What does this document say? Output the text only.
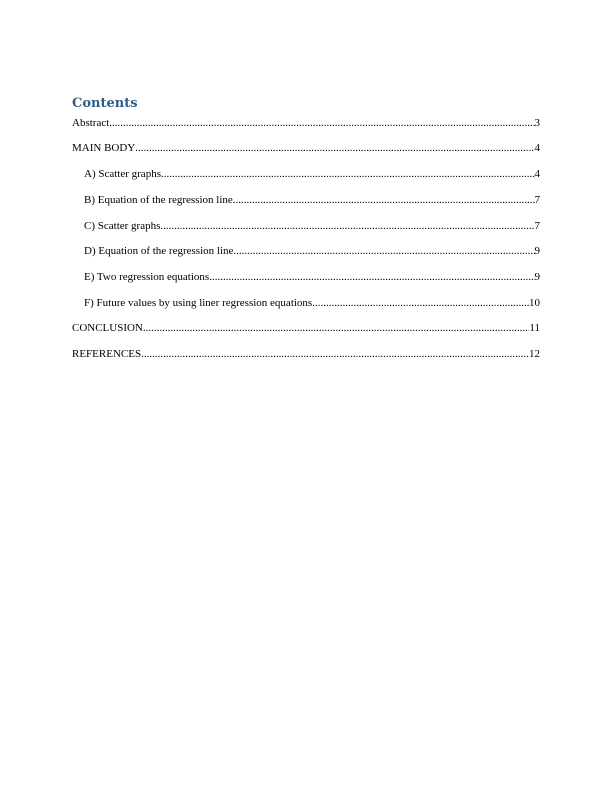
Contents
Abstract .....	3
MAIN BODY .....	4
A) Scatter graphs .....	4
B) Equation of the regression line .....	7
C) Scatter graphs .....	7
D) Equation of the regression line .....	9
E) Two regression equations .....	9
F) Future values by using liner regression equations .....	10
CONCLUSION .....	11
REFERENCES .....	12
